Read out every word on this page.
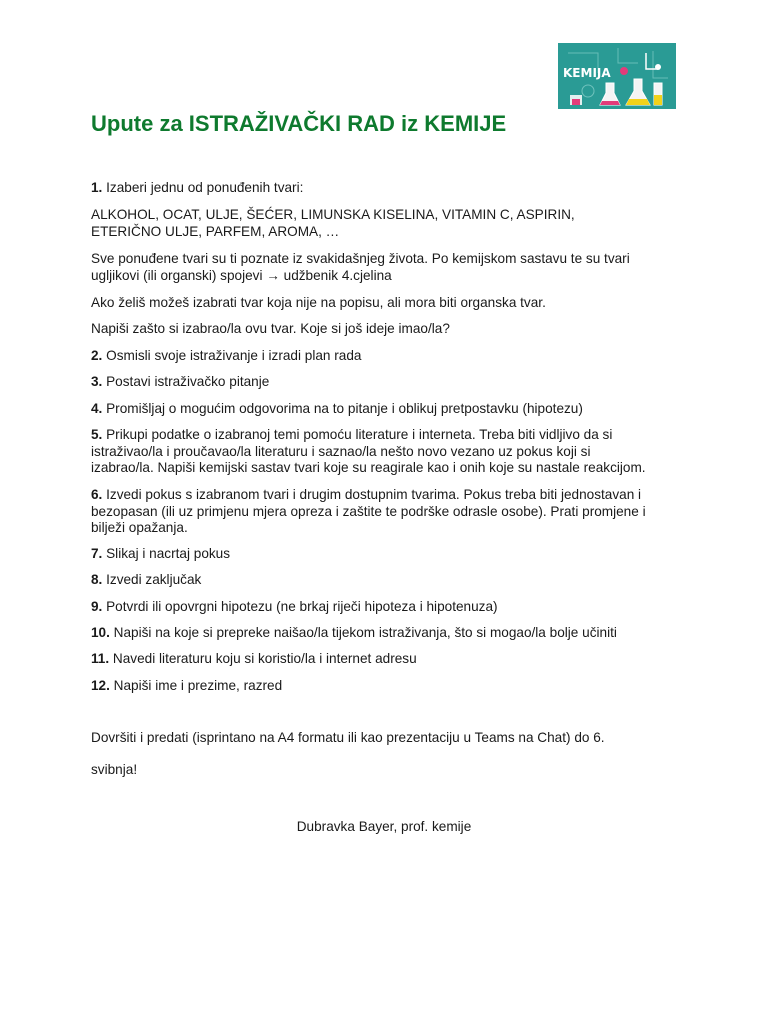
KEMIJA
Upute za ISTRAŽIVAČKI RAD iz KEMIJE

1. Izaberi jednu od ponuđenih tvari:

ALKOHOL, OCAT, ULJE, ŠEĆER, LIMUNSKA KISELINA, VITAMIN C, ASPIRIN,
ETERIČNO ULJE, PARFEM, AROMA, …

Sve ponuđene tvari su ti poznate iz svakidašnjeg života. Po kemijskom sastavu te su tvari
ugljikovi (ili organski) spojevi → udžbenik 4.cjelina

Ako želiš možeš izabrati tvar koja nije na popisu, ali mora biti organska tvar.

Napiši zašto si izabrao/la ovu tvar. Koje si još ideje imao/la?

2. Osmisli svoje istraživanje i izradi plan rada

3. Postavi istraživačko pitanje

4. Promišljaj o mogućim odgovorima na to pitanje i oblikuj pretpostavku (hipotezu)

5. Prikupi podatke o izabranoj temi pomoću literature i interneta. Treba biti vidljivo da si
istraživao/la i proučavao/la literaturu i saznao/la nešto novo vezano uz pokus koji si
izabrao/la. Napiši kemijski sastav tvari koje su reagirale kao i onih koje su nastale reakcijom.

6. Izvedi pokus s izabranom tvari i drugim dostupnim tvarima. Pokus treba biti jednostavan i
bezopasan (ili uz primjenu mjera opreza i zaštite te podrške odrasle osobe). Prati promjene i
bilježi opažanja.

7. Slikaj i nacrtaj pokus

8. Izvedi zaključak

9. Potvrdi ili opovrgni hipotezu (ne brkaj riječi hipoteza i hipotenuza)

10. Napiši na koje si prepreke naišao/la tijekom istraživanja, što si mogao/la bolje učiniti

11. Navedi literaturu koju si koristio/la i internet adresu

12. Napiši ime i prezime, razred

Dovršiti i predati (isprintano na A4 formatu ili kao prezentaciju u Teams na Chat) do 6.

svibnja!

Dubravka Bayer, prof. kemije
